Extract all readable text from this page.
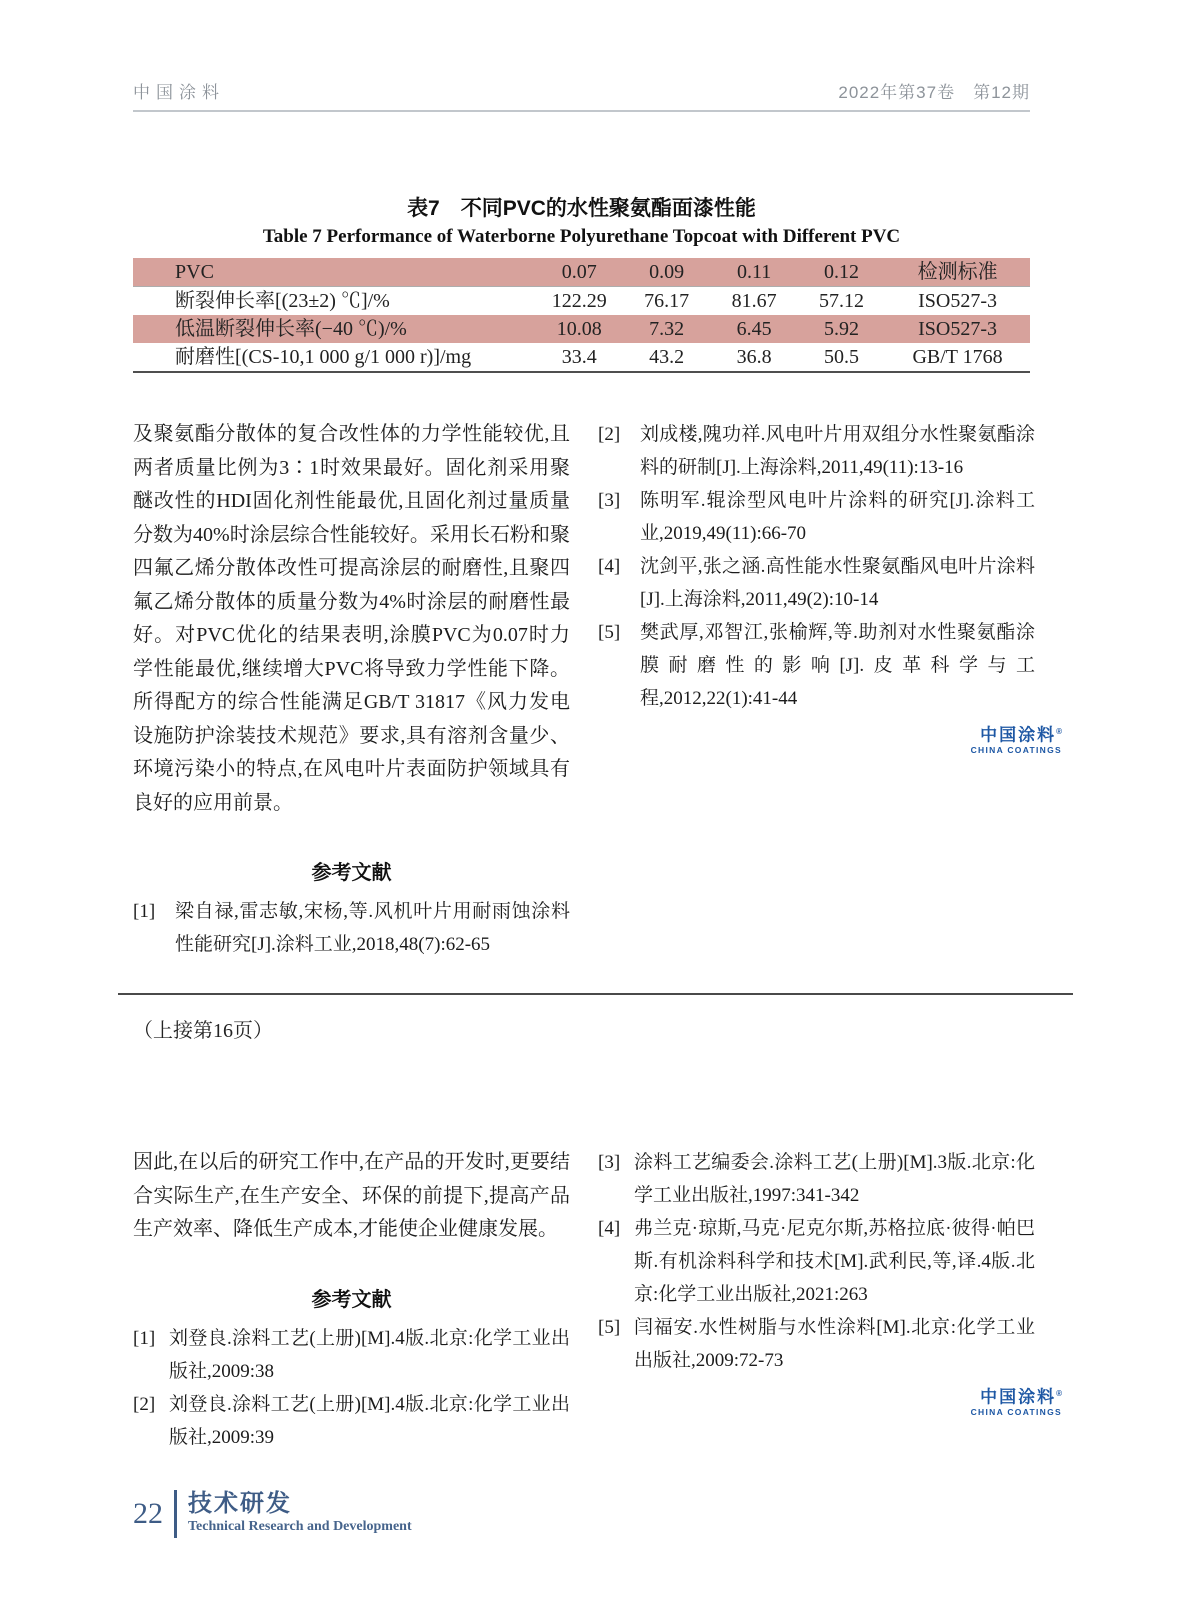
中国涂料	2022年第37卷　第12期
表7　不同PVC的水性聚氨酯面漆性能
Table 7 Performance of Waterborne Polyurethane Topcoat with Different PVC
PVC	0.07	0.09	0.11	0.12	检测标准
断裂伸长率[(23±2) ℃]/%	122.29	76.17	81.67	57.12	ISO527-3
低温断裂伸长率(−40 ℃)/%	10.08	7.32	6.45	5.92	ISO527-3
耐磨性[(CS-10,1 000 g/1 000 r)]/mg	33.4	43.2	36.8	50.5	GB/T 1768

及聚氨酯分散体的复合改性体的力学性能较优,且两者质量比例为3∶1时效果最好。固化剂采用聚醚改性的HDI固化剂性能最优,且固化剂过量质量分数为40%时涂层综合性能较好。采用长石粉和聚四氟乙烯分散体改性可提高涂层的耐磨性,且聚四氟乙烯分散体的质量分数为4%时涂层的耐磨性最好。对PVC优化的结果表明,涂膜PVC为0.07时力学性能最优,继续增大PVC将导致力学性能下降。所得配方的综合性能满足GB/T 31817《风力发电设施防护涂装技术规范》要求,具有溶剂含量少、环境污染小的特点,在风电叶片表面防护领域具有良好的应用前景。

参考文献
[1]	梁自禄,雷志敏,宋杨,等.风机叶片用耐雨蚀涂料性能研究[J].涂料工业,2018,48(7):62-65
[2]	刘成楼,隗功祥.风电叶片用双组分水性聚氨酯涂料的研制[J].上海涂料,2011,49(11):13-16
[3]	陈明军.辊涂型风电叶片涂料的研究[J].涂料工业,2019,49(11):66-70
[4]	沈剑平,张之涵.高性能水性聚氨酯风电叶片涂料[J].上海涂料,2011,49(2):10-14
[5]	樊武厚,邓智江,张榆辉,等.助剂对水性聚氨酯涂膜耐磨性的影响[J].皮革科学与工程,2012,22(1):41-44
中国涂料®
CHINA COATINGS
（上接第16页）

因此,在以后的研究工作中,在产品的开发时,更要结合实际生产,在生产安全、环保的前提下,提高产品生产效率、降低生产成本,才能使企业健康发展。

参考文献
[1] 刘登良.涂料工艺(上册)[M].4版.北京:化学工业出版社,2009:38
[2] 刘登良.涂料工艺(上册)[M].4版.北京:化学工业出版社,2009:39
[3] 涂料工艺编委会.涂料工艺(上册)[M].3版.北京:化学工业出版社,1997:341-342
[4] 弗兰克·琼斯,马克·尼克尔斯,苏格拉底·彼得·帕巴斯.有机涂料科学和技术[M].武利民,等,译.4版.北京:化学工业出版社,2021:263
[5] 闫福安.水性树脂与水性涂料[M].北京:化学工业出版社,2009:72-73
中国涂料®
CHINA COATINGS
22 技术研发
Technical Research and Development
